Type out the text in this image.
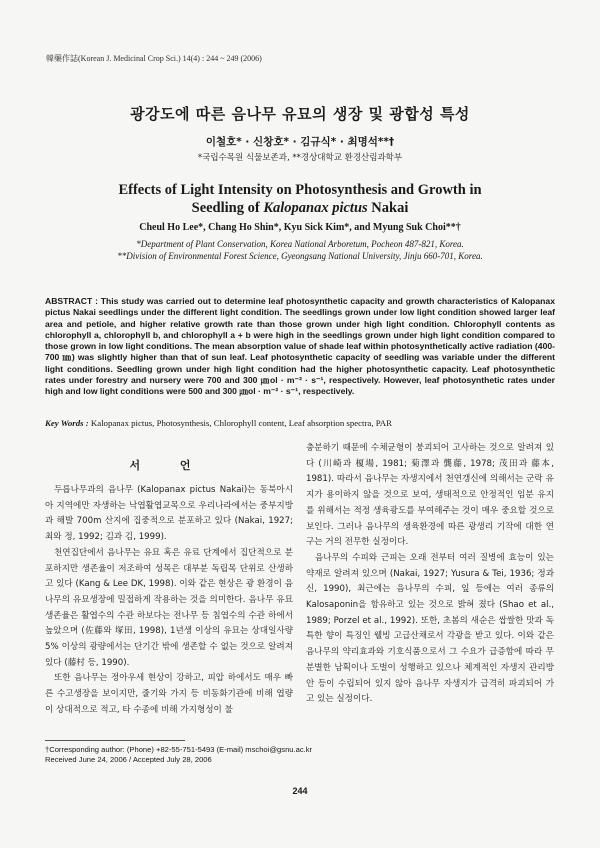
韓藥作誌(Korean J. Medicinal Crop Sci.) 14(4) : 244 ~ 249 (2006)
광강도에 따른 음나무 유묘의 생장 및 광합성 특성
이철호* · 신창호* · 김규식* · 최명석**†
*국립수목원 식물보존과, **경상대학교 환경산림과학부
Effects of Light Intensity on Photosynthesis and Growth in
Seedling of Kalopanax pictus Nakai
Cheul Ho Lee*, Chang Ho Shin*, Kyu Sick Kim*, and Myung Suk Choi**†
*Department of Plant Conservation, Korea National Arboretum, Pocheon 487-821, Korea.
**Division of Environmental Forest Science, Gyeongsang National University, Jinju 660-701, Korea.
ABSTRACT : This study was carried out to determine leaf photosynthetic capacity and growth characteristics of Kalopanax pictus Nakai seedlings under the different light condition. The seedlings grown under low light condition showed larger leaf area and petiole, and higher relative growth rate than those grown under high light condition. Chlorophyll contents as chlorophyll a, chlorophyll b, and chlorophyll a + b were high in the seedlings grown under high light condition compared to those grown in low light conditions. The mean absorption value of shade leaf within photosynthetically active radiation (400-700 ㎚) was slightly higher than that of sun leaf. Leaf photosynthetic capacity of seedling was variable under the different light conditions. Seedling grown under high light condition had the higher photosynthetic capacity. Leaf photosynthetic rates under forestry and nursery were 700 and 300 ㎛ol · m⁻² · s⁻¹, respectively. However, leaf photosynthetic rates under high and low light conditions were 500 and 300 ㎛ol · m⁻² · s⁻¹, respectively.
Key Words : Kalopanax pictus, Photosynthesis, Chlorophyll content, Leaf absorption spectra, PAR
서 언

두릅나무과의 음나무 (Kalopanax pictus Nakai)는 동북아시아 지역에만 자생하는 낙엽활엽교목으로 우리나라에서는 중부지방과 해발 700m 산지에 집중적으로 분포하고 있다 (Nakai, 1927; 최와 정, 1992; 김과 김, 1999).

천연집단에서 음나무는 유묘 혹은 유료 단계에서 집단적으로 분포하지만 생존율이 저조하여 성목은 대부분 독립목 단위로 산생하고 있다 (Kang & Lee DK, 1998). 이와 같은 현상은 광 환경이 음나무의 유묘생장에 밀접하게 작용하는 것을 의미한다. 음나무 유묘 생존율은 활엽수의 수관 하보다는 전나무 등 침엽수의 수관 하에서 높았으며 (佐藤와 塚田, 1998), 1년생 이상의 유묘는 상대일사량 5% 이상의 광량에서는 단기간 밖에 생존할 수 없는 것으로 알려져 있다 (藤村 등, 1990).

또한 음나무는 정아우세 현상이 강하고, 피압 하에서도 매우 빠른 수고생장을 보이지만, 줄기와 가지 등 비동화기관에 비해 엽량이 상대적으로 적고, 타 수종에 비해 가지형성이 불

충분하기 때문에 수체균형이 붕괴되어 고사하는 것으로 알려져 있다 (川崎과 榎場, 1981; 菊澤과 龔藤, 1978; 茂田과 藤本, 1981). 따라서 음나무는 자생지에서 천연갱신에 의해서는 군락 유지가 용이하지 않을 것으로 보여, 생태적으로 안정적인 임분 유지를 위해서는 적정 생육광도를 부여해주는 것이 매우 중요할 것으로 보인다. 그러나 음나무의 생육환경에 따른 광생리 기작에 대한 연구는 거의 전무한 실정이다.

음나무의 수피와 근피는 오래 전부터 여러 질병에 효능이 있는 약재로 알려져 있으며 (Nakai, 1927; Yusura & Tei, 1936; 정과 신, 1990), 최근에는 음나무의 수피, 잎 등에는 여러 종류의 Kalosaponin을 함유하고 있는 것으로 밝혀 졌다 (Shao et al., 1989; Porzel et al., 1992). 또한, 초봄의 새순은 쌉쌀한 맛과 독특한 향이 특징인 웰빙 고급산채로서 각광을 받고 있다. 이와 같은 음나무의 약리효과와 기호식품으로서 그 수요가 급증함에 따라 무분별한 남획이나 도벌이 성행하고 있으나 체계적인 자생지 관리방안 등이 수립되어 있지 않아 음나무 자생지가 급격히 파괴되어 가고 있는 실정이다.

†Corresponding author: (Phone) +82-55-751-5493 (E-mail) mschoi@gsnu.ac.kr
Received June 24, 2006 / Accepted July 28, 2006
244
